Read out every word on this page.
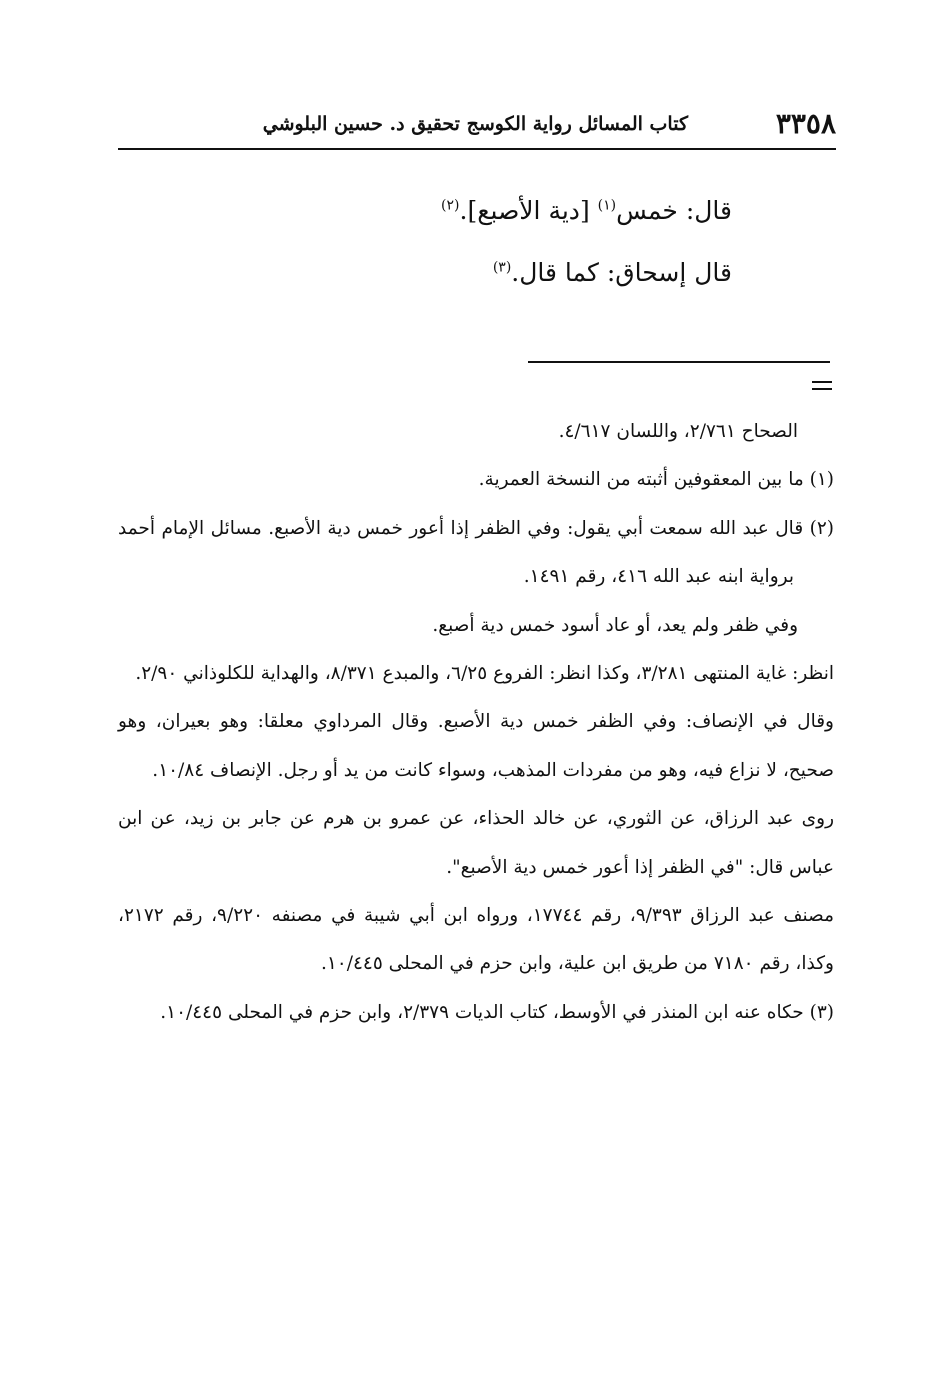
٣٣٥٨
كتاب المسائل رواية الكوسج تحقيق د. حسين البلوشي

قال: خمس$^{(١)}$ [دية الأصبع].$^{(٢)}$

قال إسحاق: كما قال.$^{(٣)}$

الصحاح ٢/٧٦١، واللسان ٤/٦١٧.

(١) ما بين المعقوفين أثبته من النسخة العمرية.

(٢) قال عبد الله سمعت أبي يقول: وفي الظفر إذا أعور خمس دية الأصبع. مسائل الإمام أحمد برواية ابنه عبد الله ٤١٦، رقم ١٤٩١.

وفي ظفر ولم يعد، أو عاد أسود خمس دية أصبع.

انظر: غاية المنتهى ٣/٢٨١، وكذا انظر: الفروع ٦/٢٥، والمبدع ٨/٣٧١، والهداية للكلوذاني ٢/٩٠.

وقال في الإنصاف: وفي الظفر خمس دية الأصبع. وقال المرداوي معلقا: وهو بعيران، وهو صحيح، لا نزاع فيه، وهو من مفردات المذهب، وسواء كانت من يد أو رجل. الإنصاف ١٠/٨٤.

روى عبد الرزاق، عن الثوري، عن خالد الحذاء، عن عمرو بن هرم عن جابر بن زيد، عن ابن عباس قال: "في الظفر إذا أعور خمس دية الأصبع".

مصنف عبد الرزاق ٩/٣٩٣، رقم ١٧٧٤٤، ورواه ابن أبي شيبة في مصنفه ٩/٢٢٠، رقم ٢١٧٢، وكذا، رقم ٧١٨٠ من طريق ابن علية، وابن حزم في المحلى ١٠/٤٤٥.

(٣) حكاه عنه ابن المنذر في الأوسط، كتاب الديات ٢/٣٧٩، وابن حزم في المحلى ١٠/٤٤٥.
